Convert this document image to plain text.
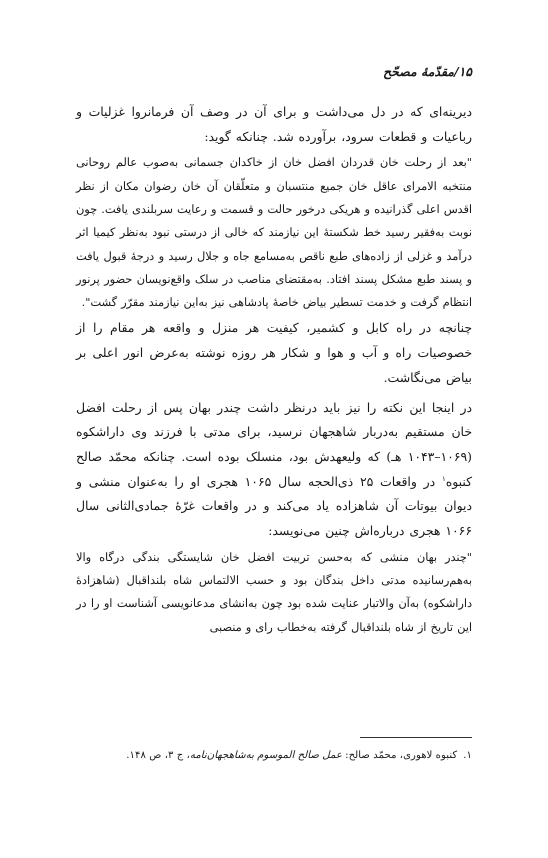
۱۵/مقدّمهٔ مصحّح

دیرینه‌ای که در دل می‌داشت و برای آن در وصف آن فرمانروا غزلیات و رباعیات و قطعات سرود، برآورده شد. چنانکه گوید:

"بعد از رحلت خان قدردان افضل خان از خاکدان جسمانی به‌صوب عالم روحانی منتخبه الامرای عاقل خان جمیع منتسبان و متعلّقان آن خان رضوان مکان از نظر اقدس اعلی گذرانیده و هریکی درخور حالت و قسمت و رعایت سربلندی یافت. چون نوبت به‌فقیر رسید خط شکستهٔ این نیازمند که خالی از درستی نبود به‌نظر کیمیا اثر درآمد و غزلی از زاده‌های طبع ناقص به‌مسامع جاه و جلال رسید و درجهٔ قبول یافت و پسند طبع مشکل پسند افتاد. به‌مقتضای مناصب در سلک واقع‌نویسان حضور پرنور انتظام گرفت و خدمت تسطیر بیاض خاصهٔ پادشاهی نیز به‌این نیازمند مقرّر گشت".

چنانچه در راه کابل و کشمیر، کیفیت هر منزل و واقعه هر مقام را از خصوصیات راه و آب و هوا و شکار هر روزه نوشته به‌عرض انور اعلی بر بیاض می‌نگاشت.

در اینجا این نکته را نیز باید درنظر داشت چندر بهان پس از رحلت افضل خان مستقیم به‌دربار شاهجهان نرسید، برای مدتی با فرزند وی داراشکوه (۱۰۶۹–۱۰۴۳ هـ) که ولیعهدش بود، منسلک بوده است. چنانکه محمّد صالح کنبوه$^۱$ در واقعات ۲۵ ذی‌الحجه سال ۱۰۶۵ هجری او را به‌عنوان منشی و دیوان بیوتات آن شاهزاده یاد می‌کند و در واقعات غرّهٔ جمادی‌الثانی سال ۱۰۶۶ هجری درباره‌اش چنین می‌نویسد:

"چندر بهان منشی که به‌حسن تربیت افضل خان شایستگی بندگی درگاه والا به‌هم‌رسانیده مدتی داخل بندگان بود و حسب الالتماس شاه بلنداقبال (شاهزادهٔ داراشکوه) به‌آن والاتبار عنایت شده بود چون به‌انشای مدعانویسی آشناست او را در این تاریخ از شاه بلنداقبال گرفته به‌خطاب رای و منصبی

۱.کنبوه لاهوری، محمّد صالح: عمل صالح الموسوم به‌شاهجهان‌نامه، ج ۳، ص ۱۴۸.
